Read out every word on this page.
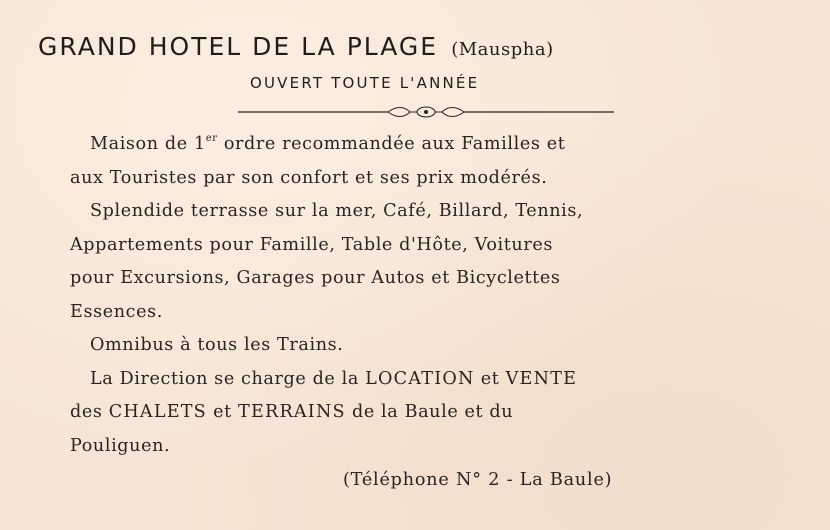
GRAND HOTEL DE LA PLAGE (Mauspha)
OUVERT TOUTE L'ANNÉE
Maison de 1er ordre recommandée aux Familles et
aux Touristes par son confort et ses prix modérés.
Splendide terrasse sur la mer, Café, Billard, Tennis,
Appartements pour Famille, Table d'Hôte, Voitures
pour Excursions, Garages pour Autos et Bicyclettes
Essences.
Omnibus à tous les Trains.
La Direction se charge de la LOCATION et VENTE
des CHALETS et TERRAINS de la Baule et du
Pouliguen.
(Téléphone N° 2 - La Baule)
